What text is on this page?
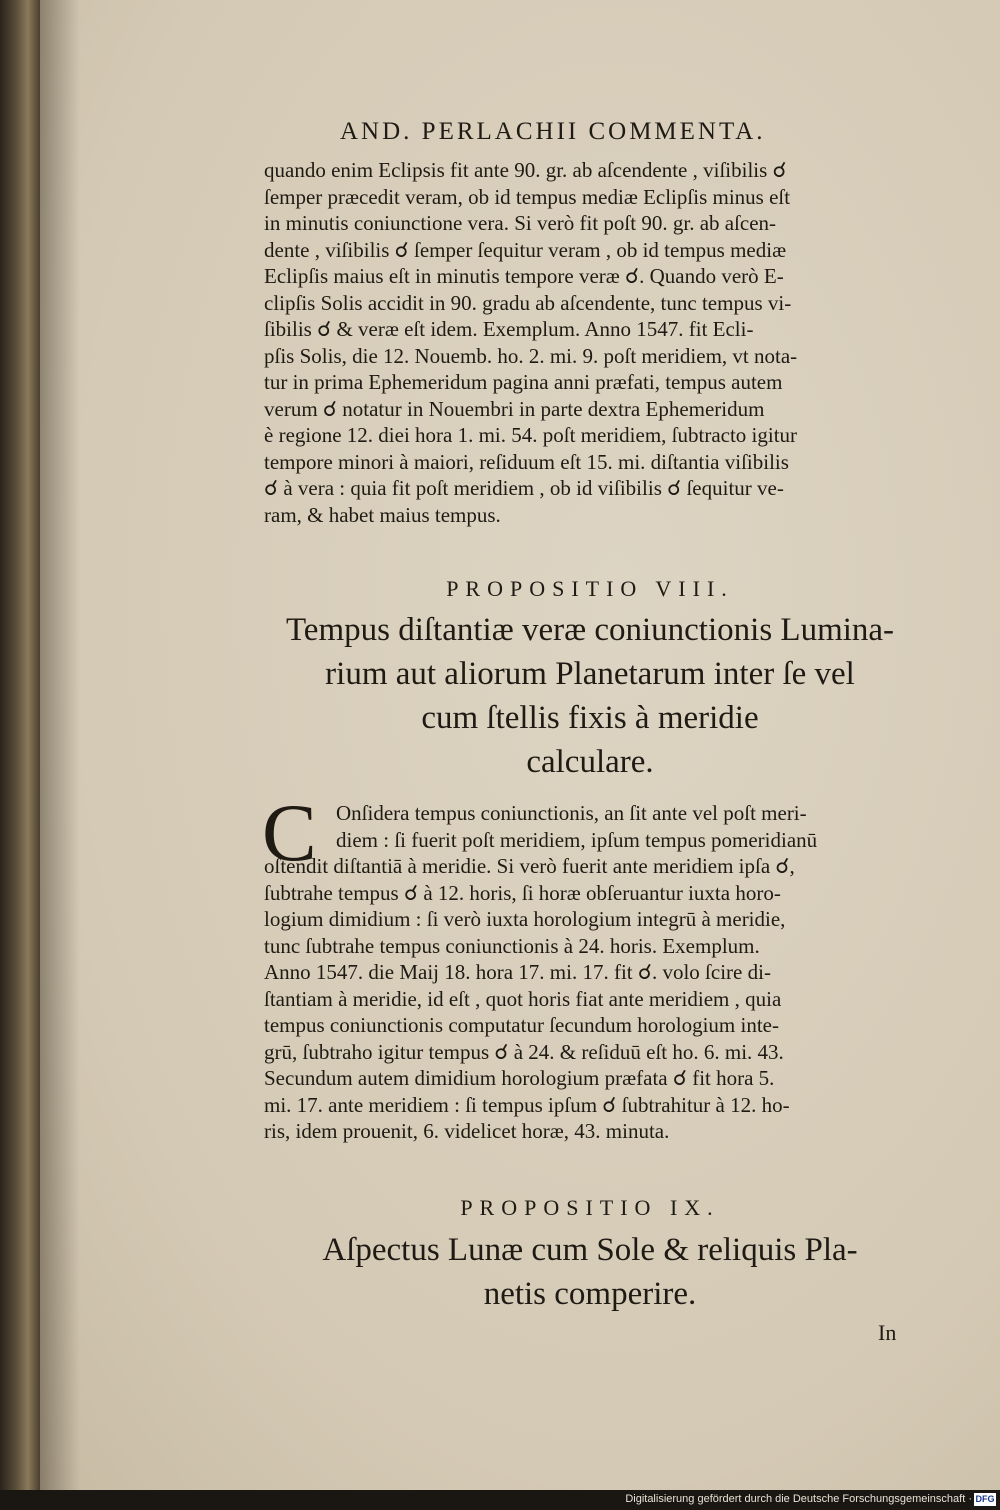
AND. PERLACHII COMMENTA.
quando enim Eclipsis fit ante 90. gr. ab aſcendente , viſibilis ☌
ſemper præcedit veram, ob id tempus mediæ Eclipſis minus eſt
in minutis coniunctione vera. Si verò fit poſt 90. gr. ab aſcen-
dente , viſibilis ☌ ſemper ſequitur veram , ob id tempus mediæ
Eclipſis maius eſt in minutis tempore veræ ☌. Quando verò E-
clipſis Solis accidit in 90. gradu ab aſcendente, tunc tempus vi-
ſibilis ☌ & veræ eſt idem. Exemplum. Anno 1547. fit Ecli-
pſis Solis, die 12. Nouemb. ho. 2. mi. 9. poſt meridiem, vt nota-
tur in prima Ephemeridum pagina anni præfati, tempus autem
verum ☌ notatur in Nouembri in parte dextra Ephemeridum
è regione 12. diei hora 1. mi. 54. poſt meridiem, ſubtracto igitur
tempore minori à maiori, reſiduum eſt 15. mi. diſtantia viſibilis
☌ à vera : quia fit poſt meridiem , ob id viſibilis ☌ ſequitur ve-
ram, & habet maius tempus.
PROPOSITIO VIII.
Tempus diſtantiæ veræ coniunctionis Lumina-
rium aut aliorum Planetarum inter ſe vel
cum ſtellis fixis à meridie
calculare.
C Onſidera tempus coniunctionis, an ſit ante vel poſt meri-
diem : ſi fuerit poſt meridiem, ipſum tempus pomeridianū
oſtendit diſtantiā à meridie. Si verò fuerit ante meridiem ipſa ☌,
ſubtrahe tempus ☌ à 12. horis, ſi horæ obſeruantur iuxta horo-
logium dimidium : ſi verò iuxta horologium integrū à meridie,
tunc ſubtrahe tempus coniunctionis à 24. horis. Exemplum.
Anno 1547. die Maij 18. hora 17. mi. 17. fit ☌. volo ſcire di-
ſtantiam à meridie, id eſt , quot horis fiat ante meridiem , quia
tempus coniunctionis computatur ſecundum horologium inte-
grū, ſubtraho igitur tempus ☌ à 24. & reſiduū eſt ho. 6. mi. 43.
Secundum autem dimidium horologium præfata ☌ fit hora 5.
mi. 17. ante meridiem : ſi tempus ipſum ☌ ſubtrahitur à 12. ho-
ris, idem prouenit, 6. videlicet horæ, 43. minuta.
PROPOSITIO IX.
Aſpectus Lunæ cum Sole & reliquis Pla-
netis comperire.
In
Digitalisierung gefördert durch die Deutsche Forschungsgemeinschaft · DFG
